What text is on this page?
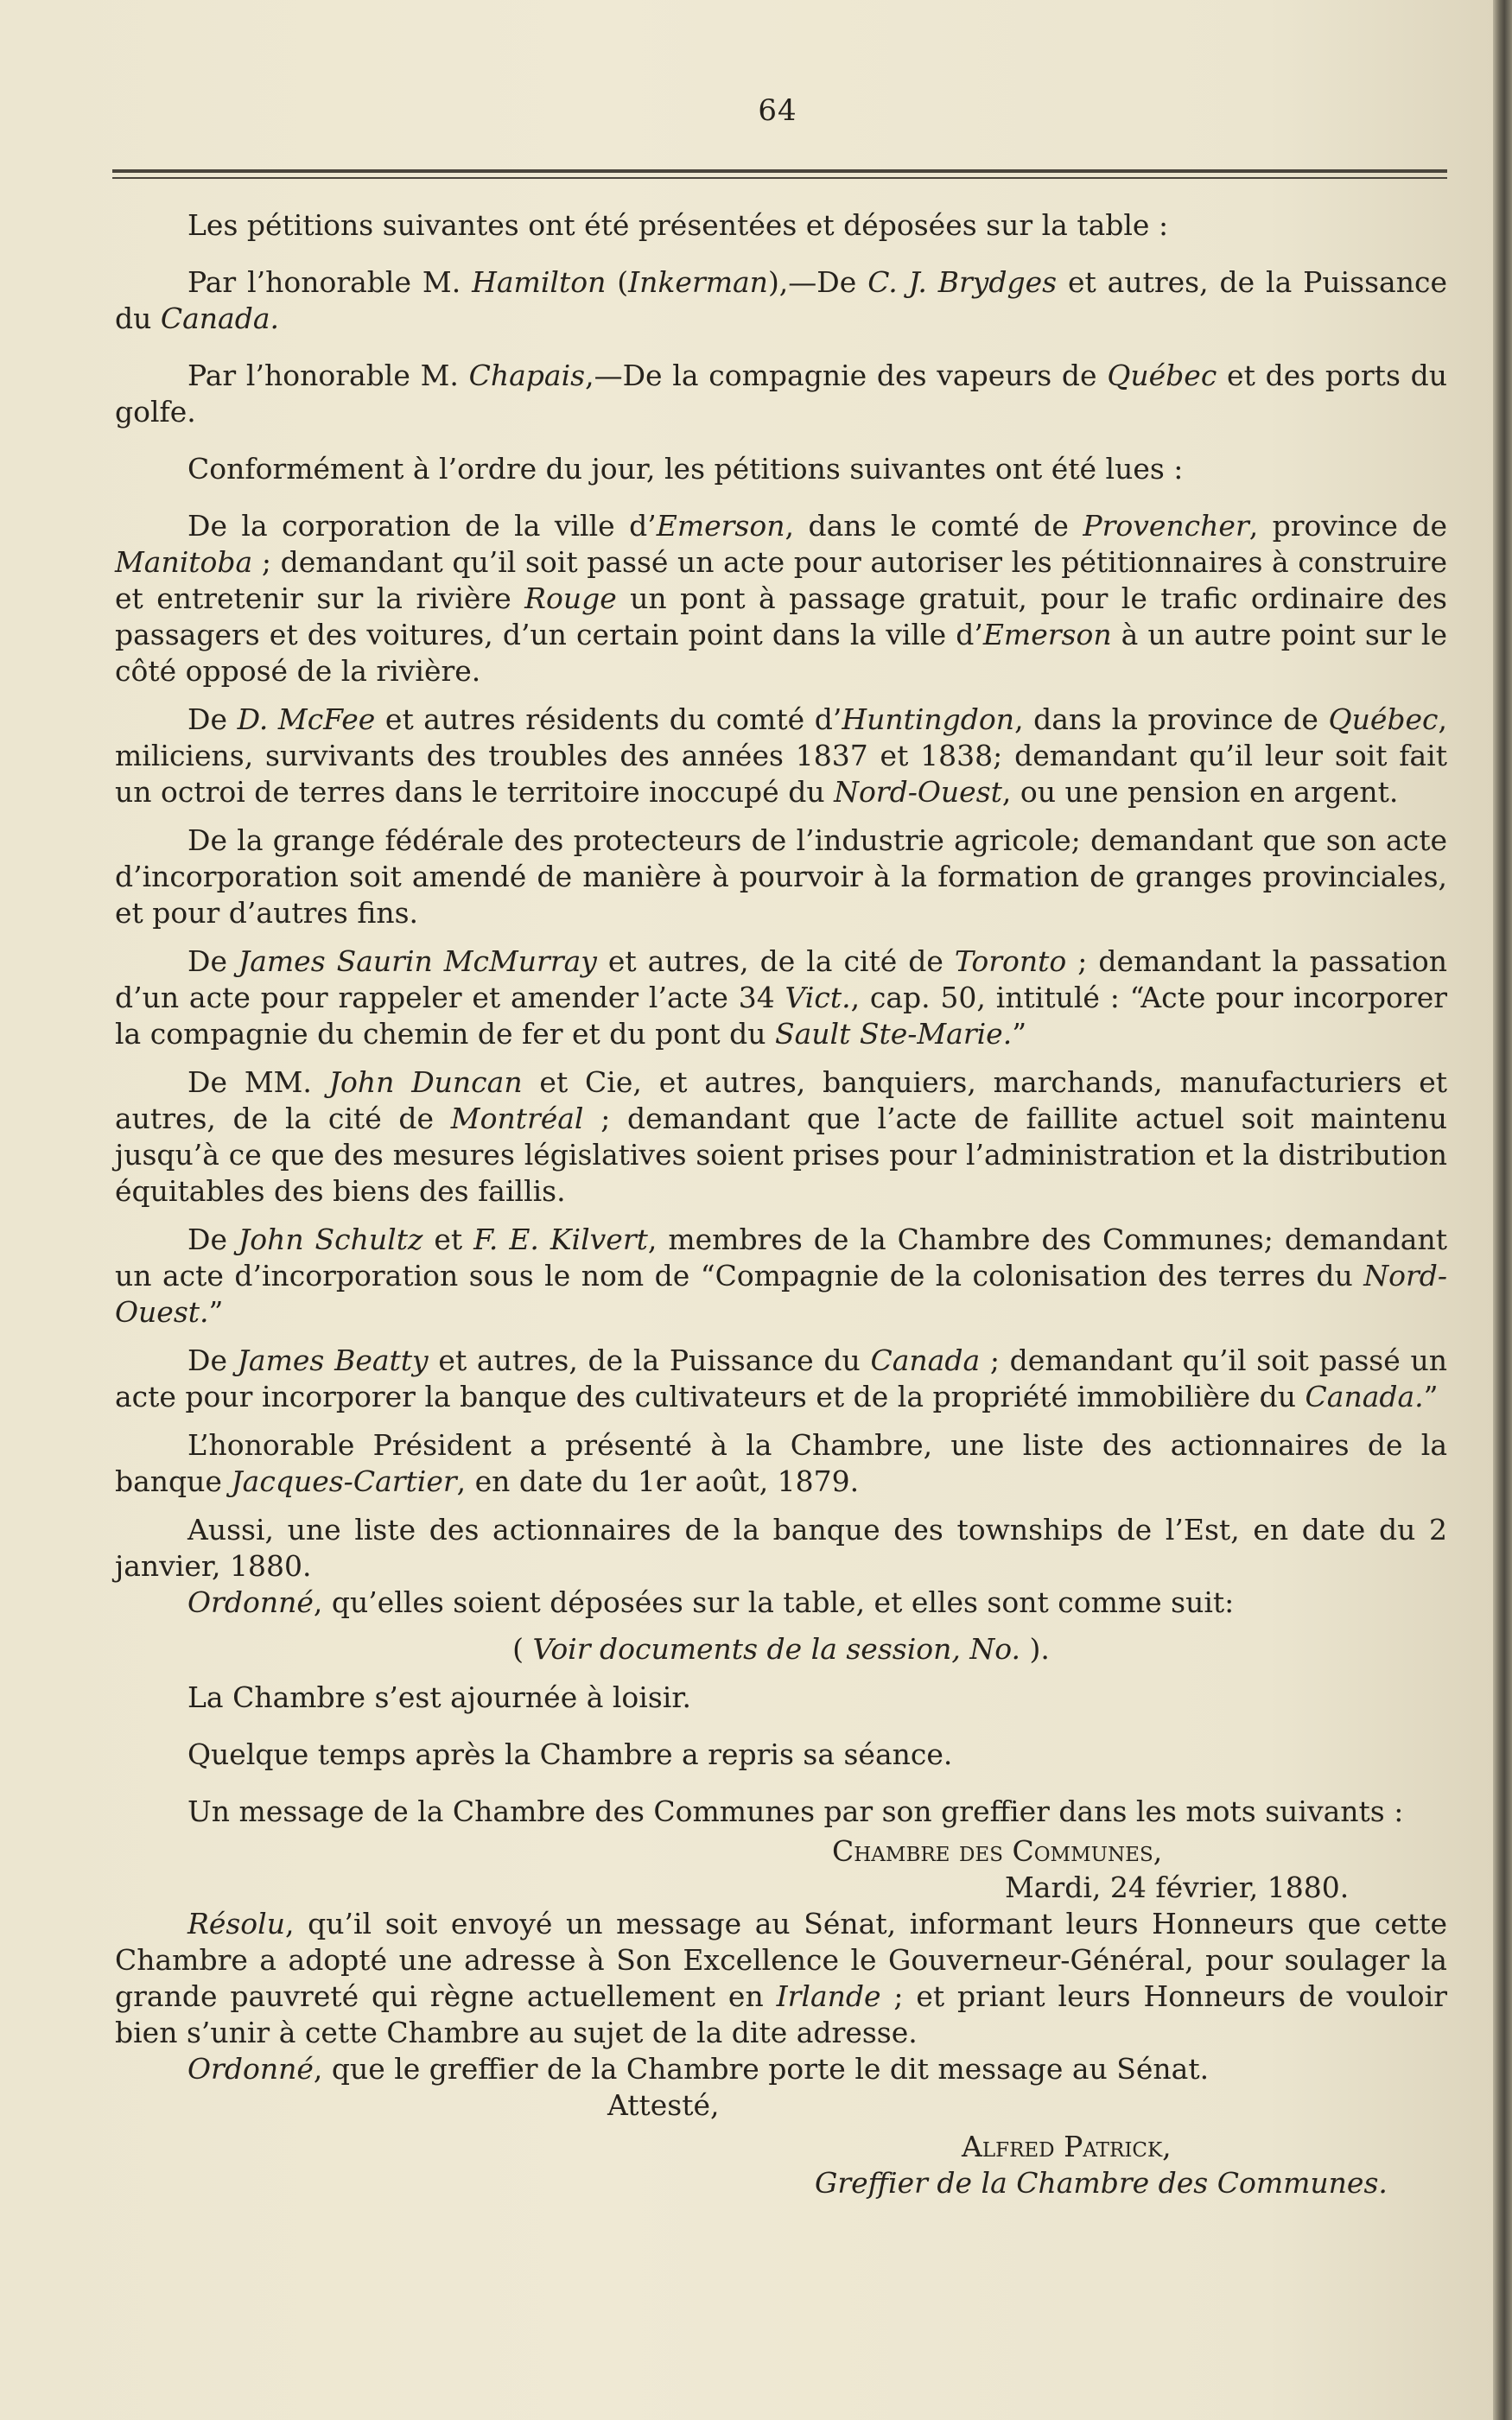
64

Les pétitions suivantes ont été présentées et déposées sur la table :

Par l’honorable M. Hamilton (Inkerman),—De C. J. Brydges et autres, de la Puissance du Canada.

Par l’honorable M. Chapais,—De la compagnie des vapeurs de Québec et des ports du golfe.

Conformément à l’ordre du jour, les pétitions suivantes ont été lues :

De la corporation de la ville d’Emerson, dans le comté de Provencher, province de Manitoba ; demandant qu’il soit passé un acte pour autoriser les pétitionnaires à construire et entretenir sur la rivière Rouge un pont à passage gratuit, pour le trafic ordinaire des passagers et des voitures, d’un certain point dans la ville d’Emerson à un autre point sur le côté opposé de la rivière.

De D. McFee et autres résidents du comté d’Huntingdon, dans la province de Québec, miliciens, survivants des troubles des années 1837 et 1838; demandant qu’il leur soit fait un octroi de terres dans le territoire inoccupé du Nord-Ouest, ou une pension en argent.

De la grange fédérale des protecteurs de l’industrie agricole; demandant que son acte d’incorporation soit amendé de manière à pourvoir à la formation de granges provinciales, et pour d’autres fins.

De James Saurin McMurray et autres, de la cité de Toronto ; demandant la passation d’un acte pour rappeler et amender l’acte 34 Vict., cap. 50, intitulé : “Acte pour incorporer la compagnie du chemin de fer et du pont du Sault Ste-Marie.”

De MM. John Duncan et Cie, et autres, banquiers, marchands, manufacturiers et autres, de la cité de Montréal ; demandant que l’acte de faillite actuel soit maintenu jusqu’à ce que des mesures législatives soient prises pour l’administration et la distribution équitables des biens des faillis.

De John Schultz et F. E. Kilvert, membres de la Chambre des Communes; demandant un acte d’incorporation sous le nom de “Compagnie de la colonisation des terres du Nord-Ouest.”

De James Beatty et autres, de la Puissance du Canada ; demandant qu’il soit passé un acte pour incorporer la banque des cultivateurs et de la propriété immobilière du Canada.”

L’honorable Président a présenté à la Chambre, une liste des actionnaires de la banque Jacques-Cartier, en date du 1er août, 1879.

Aussi, une liste des actionnaires de la banque des townships de l’Est, en date du 2 janvier, 1880.

Ordonné, qu’elles soient déposées sur la table, et elles sont comme suit:

( Voir documents de la session, No. ).

La Chambre s’est ajournée à loisir.

Quelque temps après la Chambre a repris sa séance.

Un message de la Chambre des Communes par son greffier dans les mots suivants :

Chambre des Communes,

Mardi, 24 février, 1880.

Résolu, qu’il soit envoyé un message au Sénat, informant leurs Honneurs que cette Chambre a adopté une adresse à Son Excellence le Gouverneur-Général, pour soulager la grande pauvreté qui règne actuellement en Irlande ; et priant leurs Honneurs de vouloir bien s’unir à cette Chambre au sujet de la dite adresse.

Ordonné, que le greffier de la Chambre porte le dit message au Sénat.

Attesté,

Alfred Patrick,

Greffier de la Chambre des Communes.
